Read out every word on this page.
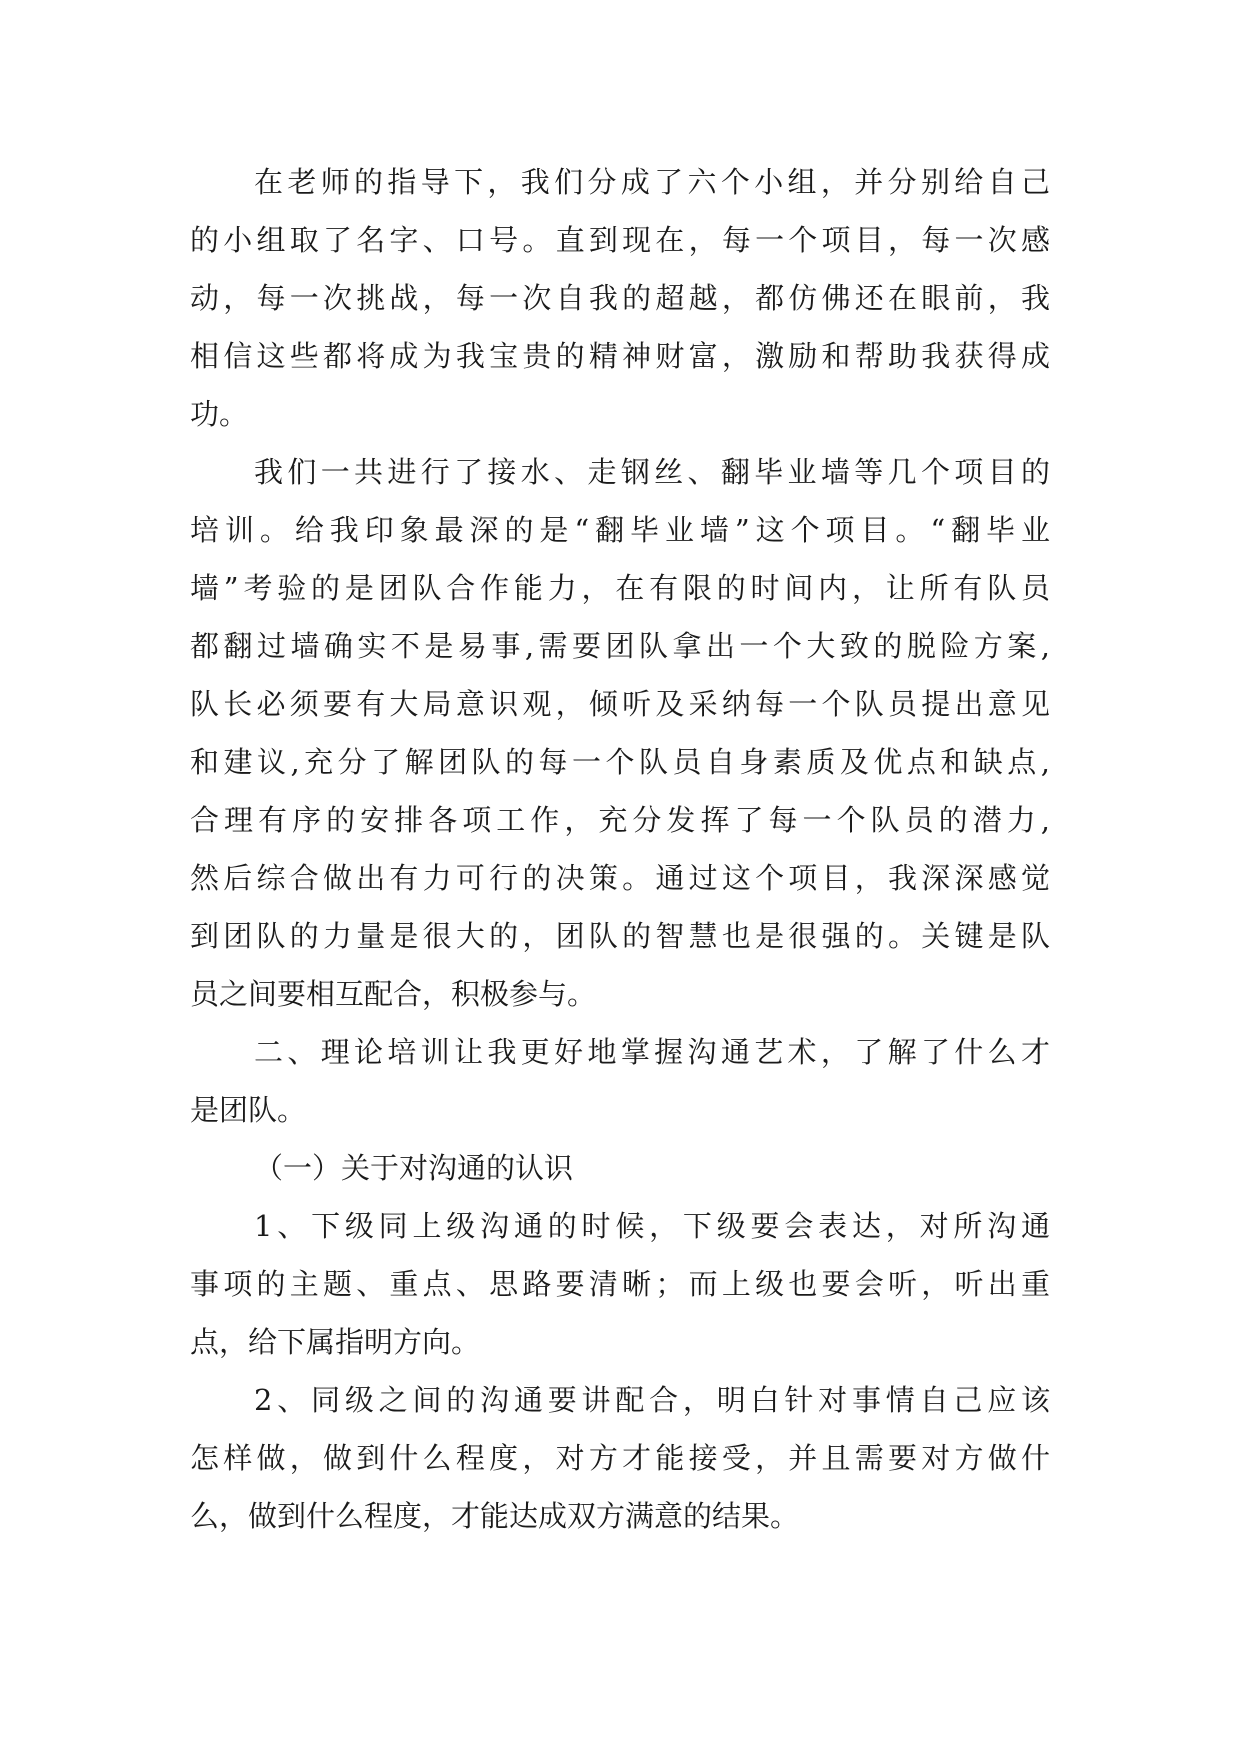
在老师的指导下，我们分成了六个小组，并分别给自己
的小组取了名字、口号。直到现在，每一个项目，每一次感
动，每一次挑战，每一次自我的超越，都仿佛还在眼前，我
相信这些都将成为我宝贵的精神财富，激励和帮助我获得成
功。
我们一共进行了接水、走钢丝、翻毕业墙等几个项目的
培训。给我印象最深的是“翻毕业墙”这个项目。“翻毕业
墙”考验的是团队合作能力，在有限的时间内，让所有队员
都翻过墙确实不是易事,需要团队拿出一个大致的脱险方案,
队长必须要有大局意识观，倾听及采纳每一个队员提出意见
和建议,充分了解团队的每一个队员自身素质及优点和缺点,
合理有序的安排各项工作，充分发挥了每一个队员的潜力,
然后综合做出有力可行的决策。通过这个项目，我深深感觉
到团队的力量是很大的，团队的智慧也是很强的。关键是队
员之间要相互配合，积极参与。
二、理论培训让我更好地掌握沟通艺术，了解了什么才
是团队。
（一）关于对沟通的认识
1、下级同上级沟通的时候，下级要会表达，对所沟通
事项的主题、重点、思路要清晰；而上级也要会听，听出重
点，给下属指明方向。
2、同级之间的沟通要讲配合，明白针对事情自己应该
怎样做，做到什么程度，对方才能接受，并且需要对方做什
么，做到什么程度，才能达成双方满意的结果。
